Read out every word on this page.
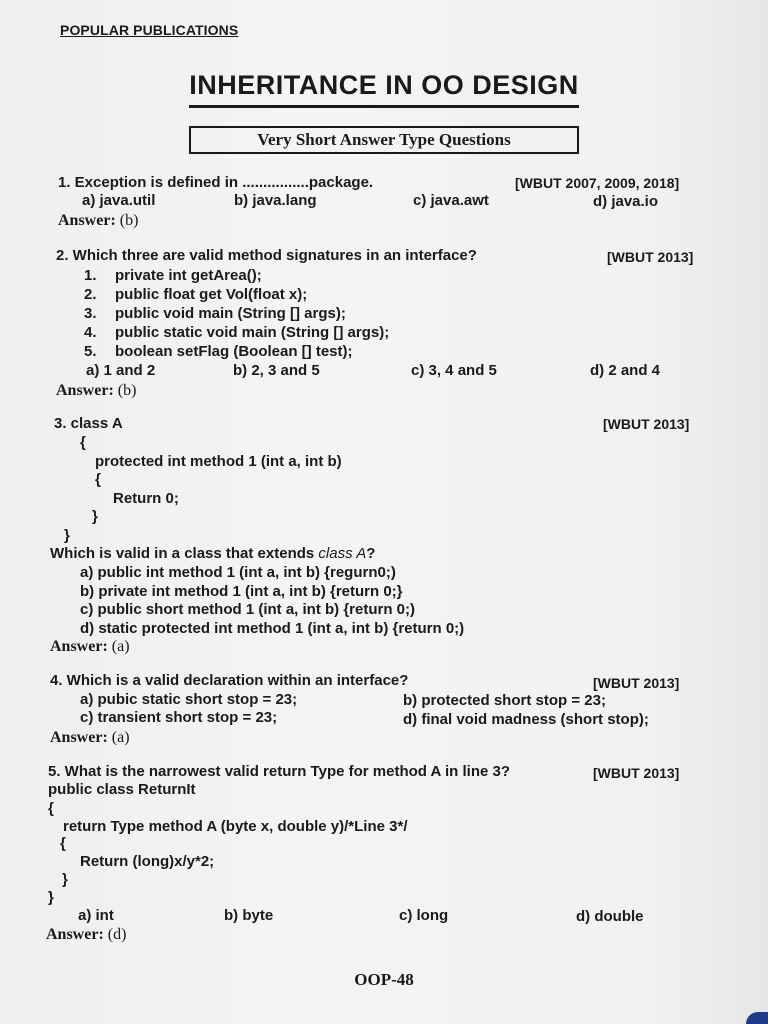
POPULAR PUBLICATIONS
INHERITANCE IN OO DESIGN
Very Short Answer Type Questions
1. Exception is defined in ................package.	[WBUT 2007, 2009, 2018]
a) java.util	b) java.lang	c) java.awt	d) java.io
Answer: (b)
2. Which three are valid method signatures in an interface?	[WBUT 2013]
1. private int getArea();
2. public float get Vol(float x);
3. public void main (String [] args);
4. public static void main (String [] args);
5. boolean setFlag (Boolean [] test);
a) 1 and 2	b) 2, 3 and 5	c) 3, 4 and 5	d) 2 and 4
Answer: (b)
3. class A	[WBUT 2013]
{
protected int method 1 (int a, int b)
{
Return 0;
}
}
Which is valid in a class that extends class A?
a) public int method 1 (int a, int b) {regurn0;)
b) private int method 1 (int a, int b) {return 0;}
c) public short method 1 (int a, int b) {return 0;)
d) static protected int method 1 (int a, int b) {return 0;)
Answer: (a)
4. Which is a valid declaration within an interface?	[WBUT 2013]
a) pubic static short stop = 23;	b) protected short stop = 23;
c) transient short stop = 23;	d) final void madness (short stop);
Answer: (a)
5. What is the narrowest valid return Type for method A in line 3?	[WBUT 2013]
public class ReturnIt
{
return Type method A (byte x, double y)/*Line 3*/
{
Return (long)x/y*2;
}
}
a) int	b) byte	c) long	d) double
Answer: (d)
OOP-48
